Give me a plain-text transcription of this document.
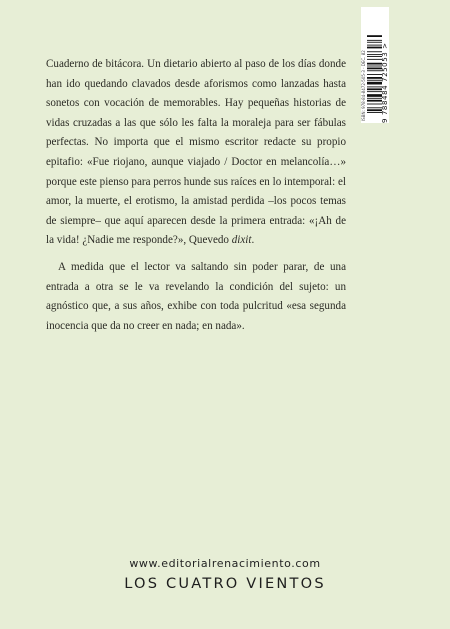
Cuaderno de bitácora. Un dietario abierto al paso de los días donde han ido quedando clavados desde aforismos como lanzadas hasta sonetos con vocación de memorables. Hay pequeñas historias de vidas cruzadas a las que sólo les falta la moraleja para ser fábulas perfectas. No importa que el mismo escritor redacte su propio epitafio: «Fue riojano, aunque viajado / Doctor en melancolía…» porque este pienso para perros hunde sus raíces en lo intemporal: el amor, la muerte, el erotismo, la amistad perdida –los pocos temas de siempre– que aquí aparecen desde la primera entrada: «¡Ah de la vida! ¿Nadie me responde?», Quevedo dixit.

A medida que el lector va saltando sin poder parar, de una entrada a otra se le va revelando la condición del sujeto: un agnóstico que, a sus años, exhibe con toda pulcritud «esa segunda inocencia que da no creer en nada; en nada».

ISBN: 978-84-8472-505-3 · DEC. 82 9 788484 725053 >
www.editorialrenacimiento.com
LOS CUATRO VIENTOS
